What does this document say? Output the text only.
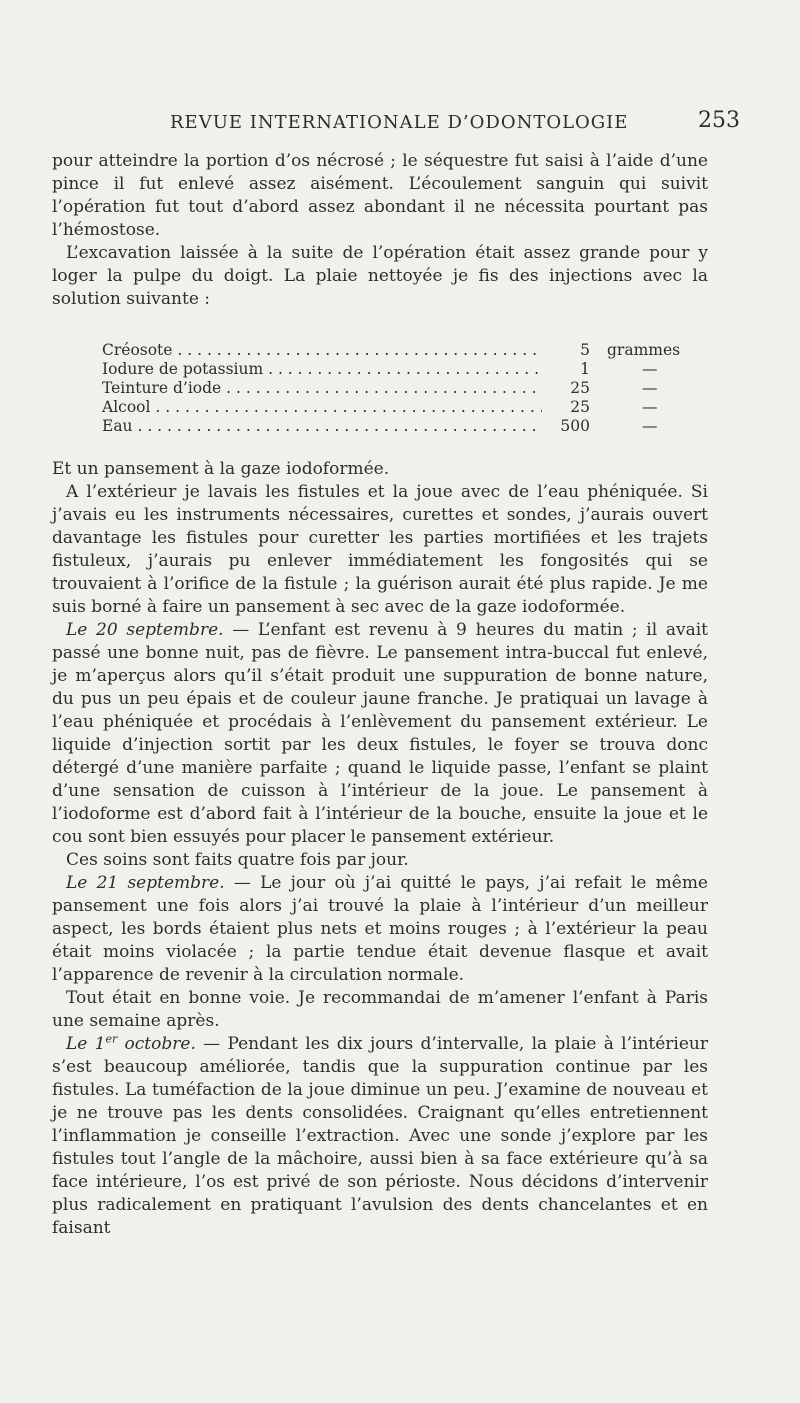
REVUE INTERNATIONALE D’ODONTOLOGIE	253

pour atteindre la portion d’os nécrosé ; le séquestre fut saisi à l’aide d’une pince il fut enlevé assez aisément. L’écoulement sanguin qui suivit l’opération fut tout d’abord assez abondant il ne nécessita pourtant pas l’hémostose.

L’excavation laissée à la suite de l’opération était assez grande pour y loger la pulpe du doigt. La plaie nettoyée je fis des injections avec la solution suivante :

Créosote . . .	5 grammes
Iodure de potassium . . .	1	—
Teinture d’iode . . .	25	—
Alcool . . .	25	—
Eau . . .	500	—

Et un pansement à la gaze iodoformée.

A l’extérieur je lavais les fistules et la joue avec de l’eau phéniquée. Si j’avais eu les instruments nécessaires, curettes et sondes, j’aurais ouvert davantage les fistules pour curetter les parties mortifiées et les trajets fistuleux, j’aurais pu enlever immédiatement les fongosités qui se trouvaient à l’orifice de la fistule ; la guérison aurait été plus rapide. Je me suis borné à faire un pansement à sec avec de la gaze iodoformée.

Le 20 septembre. — L’enfant est revenu à 9 heures du matin ; il avait passé une bonne nuit, pas de fièvre. Le pansement intra-buccal fut enlevé, je m’aperçus alors qu’il s’était produit une suppuration de bonne nature, du pus un peu épais et de couleur jaune franche. Je pratiquai un lavage à l’eau phéniquée et procédais à l’enlèvement du pansement extérieur. Le liquide d’injection sortit par les deux fistules, le foyer se trouva donc détergé d’une manière parfaite ; quand le liquide passe, l’enfant se plaint d’une sensation de cuisson à l’intérieur de la joue. Le pansement à l’iodoforme est d’abord fait à l’intérieur de la bouche, ensuite la joue et le cou sont bien essuyés pour placer le pansement extérieur.

Ces soins sont faits quatre fois par jour.

Le 21 septembre. — Le jour où j’ai quitté le pays, j’ai refait le même pansement une fois alors j’ai trouvé la plaie à l’intérieur d’un meilleur aspect, les bords étaient plus nets et moins rouges ; à l’extérieur la peau était moins violacée ; la partie tendue était devenue flasque et avait l’apparence de revenir à la circulation normale.

Tout était en bonne voie. Je recommandai de m’amener l’enfant à Paris une semaine après.

Le 1er octobre. — Pendant les dix jours d’intervalle, la plaie à l’intérieur s’est beaucoup améliorée, tandis que la suppuration continue par les fistules. La tuméfaction de la joue diminue un peu. J’examine de nouveau et je ne trouve pas les dents consolidées. Craignant qu’elles entretiennent l’inflammation je conseille l’extraction. Avec une sonde j’explore par les fistules tout l’angle de la mâchoire, aussi bien à sa face extérieure qu’à sa face intérieure, l’os est privé de son périoste. Nous décidons d’intervenir plus radicalement en pratiquant l’avulsion des dents chancelantes et en faisant
